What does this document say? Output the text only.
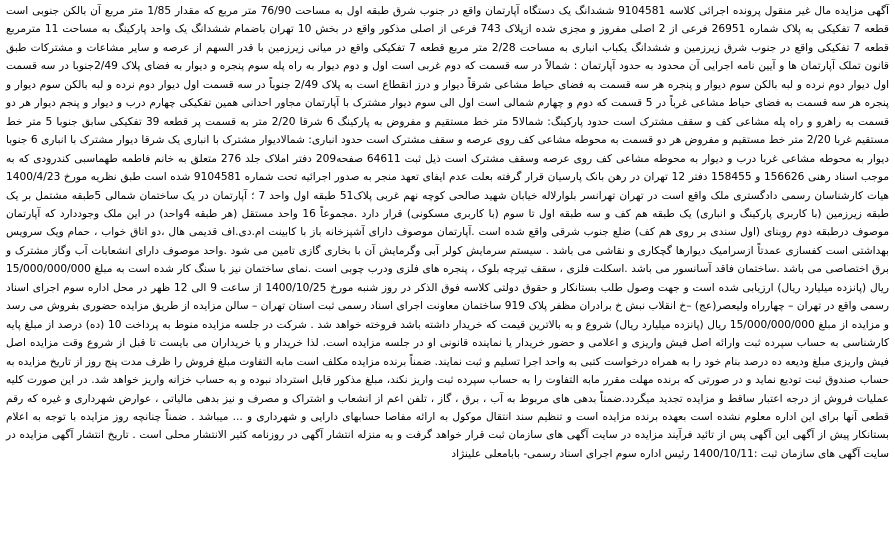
آگهی مزایده مال غیر منقول پرونده اجرائی کلاسه 9104581 ششدانگ یک دستگاه آپارتمان واقع در جنوب شرق طبقه اول به مساحت 76/90 متر مربع که مقدار 1/85 متر مربع آن بالکن جنوبی است قطعه 7 تفکیکی به پلاک شماره 26951 فرعی از 2 اصلی مفروز و مجزی شده ازپلاک 743 فرعی از اصلی مذکور واقع در بخش 10 تهران باضمام ششدانگ یک واحد پارکینگ به مساحت 11 مترمربع قطعه 7 تفکیکی واقع در جنوب شرق زیرزمین و ششدانگ یکباب انباری به مساحت 2/28 متر مربع قطعه 7 تفکیکی واقع در میانی زیرزمین با قدر السهم از عرصه و سایر مشاعات و مشترکات طبق قانون تملک آپارتمان ها و آیین نامه اجرایی آن محدود به حدود آپارتمان : شمالاً در سه قسمت که دوم غربی است اول و دوم دیوار به راه پله سوم پنجره و دیوار به فضای پلاک 2/49جنوبا در سه قسمت اول دیوار دوم نرده و لبه بالکن سوم دیوار و پنجره هر سه قسمت به فضای حیاط مشاعی شرقاً دیوار و درز انقطاع است به پلاک 2/49 جنوباً در سه قسمت اول دیوار دوم نرده و لبه بالکن سوم دیوار و پنجره هر سه قسمت به فضای حیاط مشاعی غرباً در 5 قسمت که دوم و چهارم شمالی است اول الی سوم دیوار مشترک با آپارتمان مجاور احدانی همین تفکیکی چهارم درب و دیوار و پنجم دیوار هر دو قسمت به راهرو و راه پله مشاعی کف و سقف مشترک است حدود پارکینگ: شمالا5 متر خط مستقیم و مفروض به پارکینگ 6 شرقا 2/20 متر به قسمت پر قطعه 39 تفکیکی سابق جنوبا 5 متر خط مستقیم غربا 2/20 متر خط مستقیم و مفروض هر دو قسمت به محوطه مشاعی کف روی عرصه و سقف مشترک است حدود انباری: شمالادیوار مشترک با انباری یک شرقا دیوار مشترک با انباری 6 جنوبا دیوار به محوطه مشاعی غربا درب و دیوار به محوطه مشاعی کف روی عرصه وسقف مشترک است ذیل ثبت 64611 صفحه209 دفتر املاک جلد 276 متعلق به خانم فاطمه طهماسبی کندرودی که به موجب اسناد رهنی 156626 و 158455 دفتر 12 تهران در رهن بانک پارسیان قرار گرفته بعلت عدم ایفای تعهد منجر به صدور اجرائیه تحت شماره 9104581 شده است طبق نظریه مورخ 1400/4/23 هیات کارشناسان رسمی دادگستری ملک واقع است در تهران تهرانسر بلوارلاله خیابان شهید صالحی کوچه نهم غربی پلاک51 طبقه اول واحد 7 ؛ آپارتمان در یک ساختمان شمالی 5طبقه مشتمل بر یک طبقه زیرزمین (با کاربری پارکینگ و انباری) یک طبقه هم کف و سه طبقه اول تا سوم (با کاربری مسکونی) قرار دارد .مجموعاً 16 واحد مستقل (هر طبقه 4واحد) در این ملک وجوددارد که آپارتمان موصوف درطبقه دوم روبنای (اول سندی بر روی هم کف) ضلع جنوب شرقی واقع شده است .آپارتمان موصوف دارای آشپزخانه باز با کابینت ام.دی.اف قدیمی هال ،دو اتاق خواب ، حمام ویک سرویس بهداشتی است کفسازی عمدتاً ازسرامیک دیوارها گچکاری و نقاشی می باشد . سیستم سرمایش کولر آبی وگرمایش آن با بخاری گازی تامین می شود .واحد موصوف دارای انشعابات آب وگاز مشترک و برق اختصاصی می باشد .ساختمان فاقد آسانسور می باشد .اسکلت فلزی ، سقف تیرچه بلوک ، پنجره های فلزی ودرب چوبی است .نمای ساختمان نیز با سنگ کار شده است به مبلغ 15/000/000/000 ریال (پانزده میلیارد ریال) ارزیابی شده است و جهت وصول طلب بستانکار و حقوق دولتی کلاسه فوق الذکر در روز شنبه مورخ 1400/10/25 از ساعت 9 الی 12 ظهر در محل اداره سوم اجرای اسناد رسمی واقع در تهران – چهارراه ولیعصر(عج) –خ انقلاب نبش خ برادران مظفر پلاک 919 ساختمان معاونت اجرای اسناد رسمی ثبت استان تهران – سالن مزایده از طریق مزایده حضوری بفروش می رسد و مزایده از مبلغ 15/000/000/000 ریال (پانزده میلیارد ریال) شروع و به بالاترین قیمت که خریدار داشته باشد فروخته خواهد شد . شرکت در جلسه مزایده منوط به پرداخت 10 (ده) درصد از مبلغ پایه کارشناسی به حساب سپرده ثبت وارائه اصل فیش واریزی و اعلامی و حضور خریدار یا نماینده قانونی او در جلسه مزایده است. لذا خریدار و یا خریداران می بایست تا قبل از شروع وقت مزایده اصل فیش واریزی مبلغ ودیعه ده درصد بنام خود را به همراه درخواست کتبی به واحد اجرا تسلیم و ثبت نمایند. ضمناً برنده مزایده مکلف است مابه التفاوت مبلغ فروش را ظرف مدت پنج روز از تاریخ مزایده به حساب صندوق ثبت تودیع نماید و در صورتی که برنده مهلت مقرر مابه التفاوت را به حساب سپرده ثبت واریز نکند، مبلغ مذکور قابل استرداد نبوده و به حساب خزانه واریز خواهد شد. در این صورت کلیه عملیات فروش از درجه اعتبار ساقط و مزایده تجدید میگردد.ضمناً بدهی های مربوط به آب ، برق ، گاز ، تلفن اعم از انشعاب و اشتراک و مصرف و نیز بدهی مالیاتی ، عوارض شهرداری و غیره که رقم قطعی آنها برای این اداره معلوم نشده است بعهده برنده مزایده است و تنظیم سند انتقال موکول به ارائه مفاصا حسابهای دارایی و شهرداری و ... میباشد . ضمناً چنانچه روز مزایده با توجه به اعلام بستانکار پیش از آگهی این آگهی پس از تائید فرآیند مزایده در سایت آگهی های سازمان ثبت قرار خواهد گرفت و به منزله انتشار آگهی در روزنامه کثیر الانتشار محلی است . تاریخ انتشار آگهی مزایده در سایت آگهی های سازمان ثبت :1400/10/11 رئیس اداره سوم اجرای اسناد رسمی- بابامعلی علینژاد
